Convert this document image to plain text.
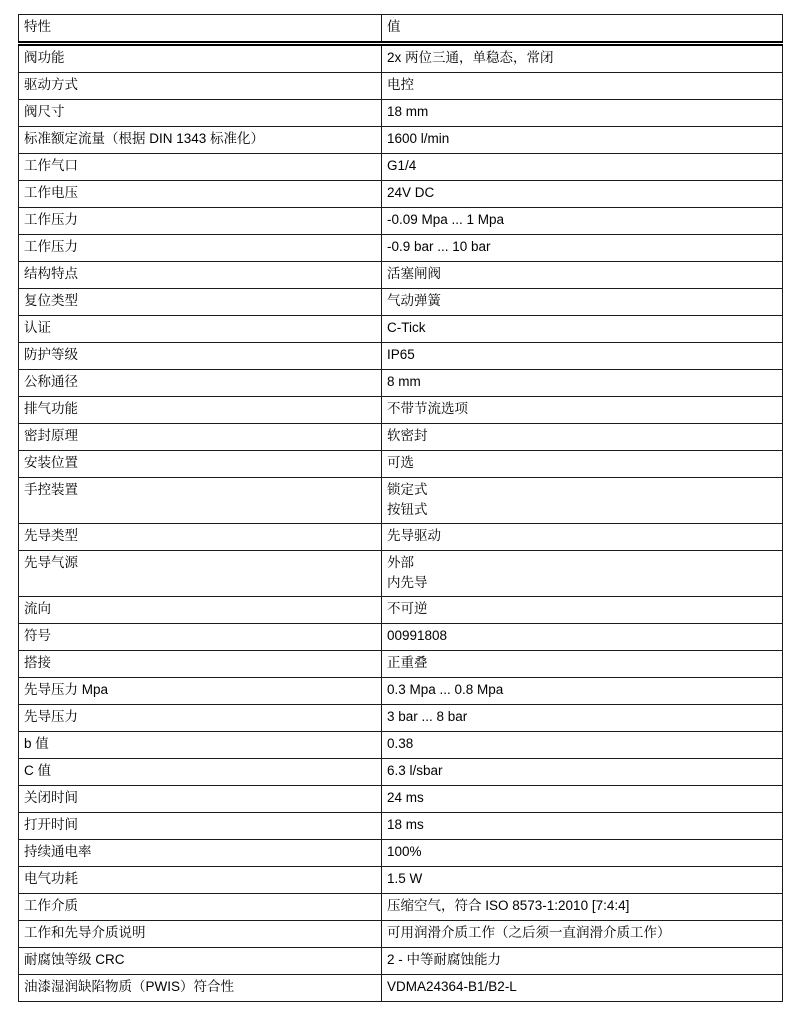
特性	值
阀功能	2x 两位三通，单稳态，常闭

驱动方式	电控

阀尺寸	18 mm

标准额定流量（根据 DIN 1343 标准化）	1600 l/min

工作气口	G1/4

工作电压	24V DC

工作压力	-0.09 Mpa ... 1 Mpa

工作压力	-0.9 bar ... 10 bar

结构特点	活塞闸阀

复位类型	气动弹簧

认证	C-Tick

防护等级	IP65

公称通径	8 mm

排气功能	不带节流选项

密封原理	软密封

安装位置	可选

手控装置	锁定式
按钮式

先导类型	先导驱动

先导气源	外部
内先导

流向	不可逆

符号	00991808

搭接	正重叠

先导压力 Mpa	0.3 Mpa ... 0.8 Mpa

先导压力	3 bar ... 8 bar

b 值	0.38

C 值	6.3 l/sbar

关闭时间	24 ms

打开时间	18 ms

持续通电率	100%

电气功耗	1.5 W

工作介质	压缩空气，符合 ISO 8573-1:2010 [7:4:4]

工作和先导介质说明	可用润滑介质工作（之后须一直润滑介质工作）

耐腐蚀等级 CRC	2 - 中等耐腐蚀能力

油漆湿润缺陷物质（PWIS）符合性	VDMA24364-B1/B2-L
